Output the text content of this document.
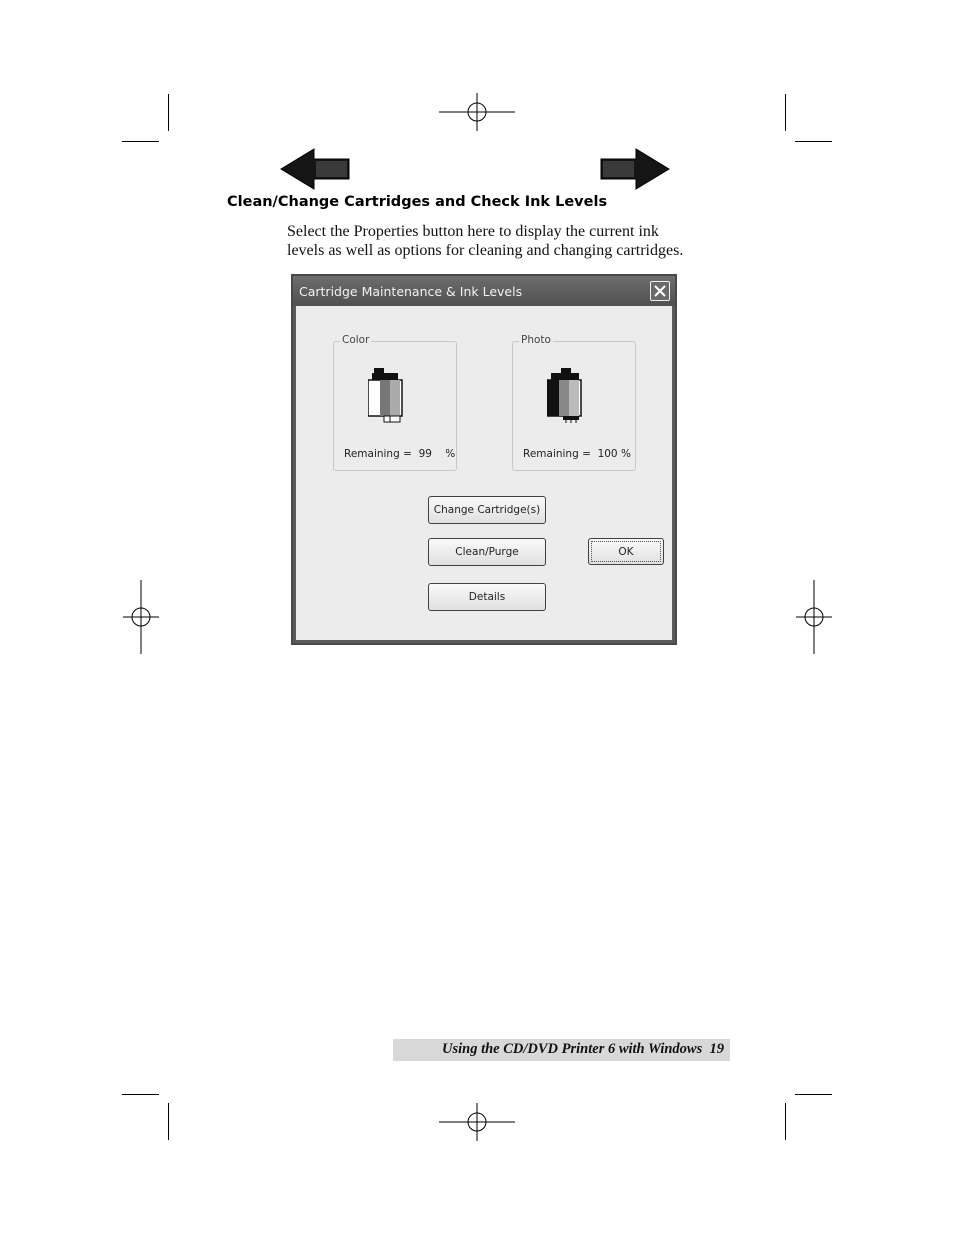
Clean/Change Cartridges and Check Ink Levels

Select the Properties button here to display the current ink
levels as well as options for cleaning and changing cartridges.

Cartridge Maintenance & Ink Levels
Color
Remaining =  99    %
Photo
Remaining =  100 %
Change Cartridge(s)
Clean/Purge
Details
OK
Using the CD/DVD Printer 6 with Windows  19
